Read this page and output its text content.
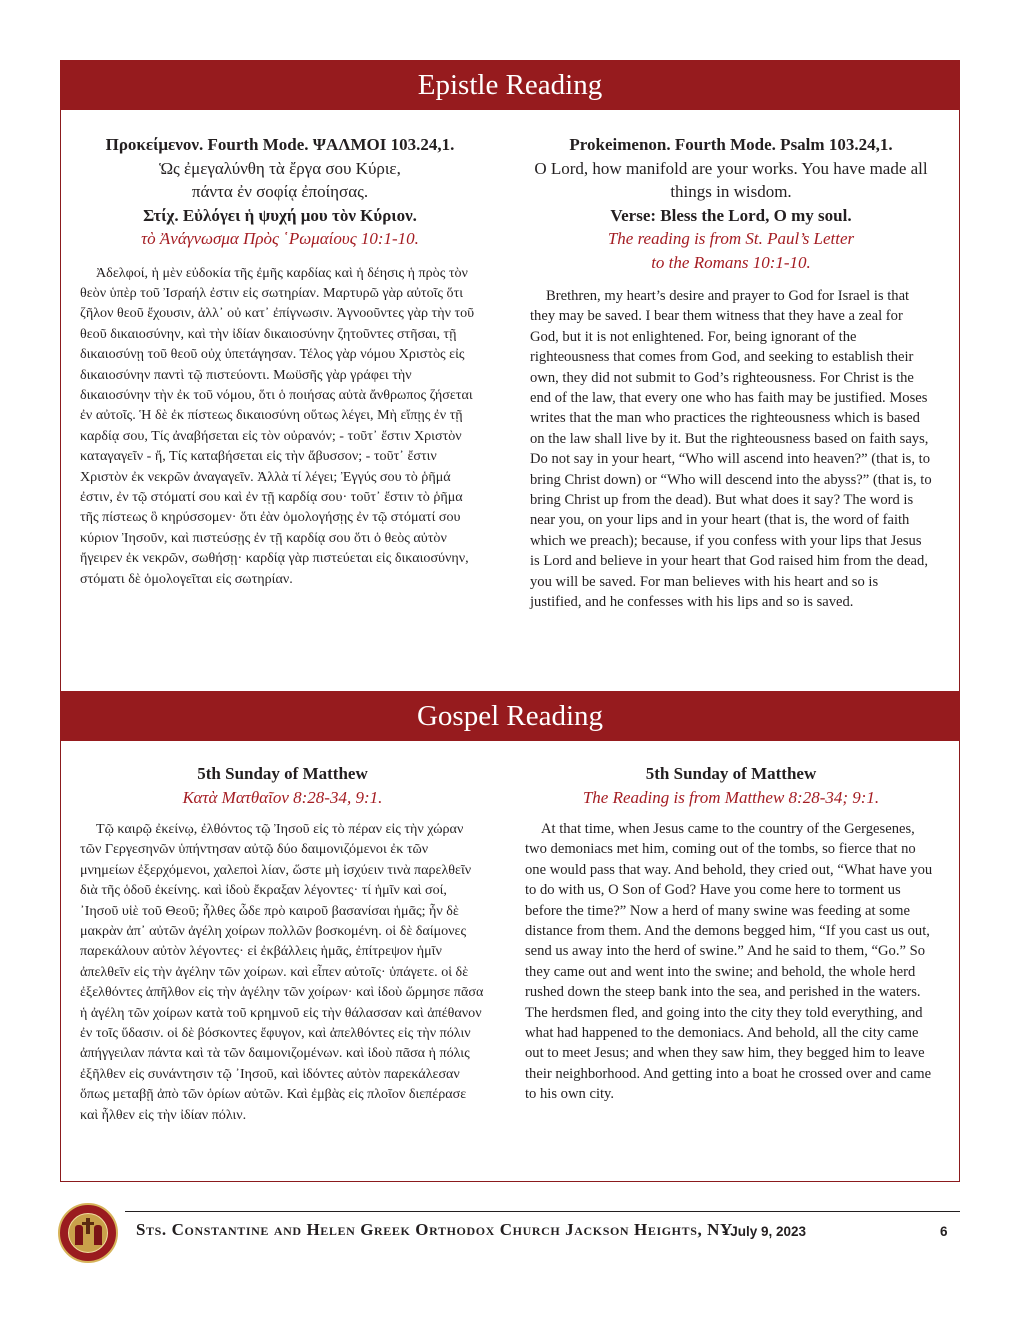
Epistle Reading
Προκείμενον. Fourth Mode. ΨΑΛΜΟΙ 103.24,1.
Ὡς ἐμεγαλύνθη τὰ ἔργα σου Κύριε,
πάντα ἐν σοφίᾳ ἐποίησας.
Στίχ. Εὐλόγει ἡ ψυχή μου τὸν Κύριον.
τὸ Ἀνάγνωσμα Πρὸς ῾Ρωμαίους 10:1-10.

Ἀδελφοί, ἡ μὲν εὐδοκία τῆς ἐμῆς καρδίας καὶ ἡ δέησις ἡ πρὸς τὸν θεὸν ὑπὲρ τοῦ Ἰσραήλ ἐστιν εἰς σωτηρίαν. Μαρτυρῶ γὰρ αὐτοῖς ὅτι ζῆλον θεοῦ ἔχουσιν, ἀλλ᾽ οὐ κατ᾽ ἐπίγνωσιν. Ἀγνοοῦντες γὰρ τὴν τοῦ θεοῦ δικαιοσύνην, καὶ τὴν ἰδίαν δικαιοσύνην ζητοῦντες στῆσαι, τῇ δικαιοσύνῃ τοῦ θεοῦ οὐχ ὑπετάγησαν. Τέλος γὰρ νόμου Χριστὸς εἰς δικαιοσύνην παντὶ τῷ πιστεύοντι. Μωϋσῆς γὰρ γράφει τὴν δικαιοσύνην τὴν ἐκ τοῦ νόμου, ὅτι ὁ ποιήσας αὐτὰ ἄνθρωπος ζήσεται ἐν αὐτοῖς. Ἡ δὲ ἐκ πίστεως δικαιοσύνη οὕτως λέγει, Μὴ εἴπῃς ἐν τῇ καρδίᾳ σου, Τίς ἀναβήσεται εἰς τὸν οὐρανόν; - τοῦτ᾽ ἔστιν Χριστὸν καταγαγεῖν - ἤ, Τίς καταβήσεται εἰς τὴν ἄβυσσον; - τοῦτ᾽ ἔστιν Χριστὸν ἐκ νεκρῶν ἀναγαγεῖν. Ἀλλὰ τί λέγει; Ἐγγύς σου τὸ ῥῆμά ἐστιν, ἐν τῷ στόματί σου καὶ ἐν τῇ καρδίᾳ σου· τοῦτ᾽ ἔστιν τὸ ῥῆμα τῆς πίστεως ὃ κηρύσσομεν· ὅτι ἐὰν ὁμολογήσῃς ἐν τῷ στόματί σου κύριον Ἰησοῦν, καὶ πιστεύσῃς ἐν τῇ καρδίᾳ σου ὅτι ὁ θεὸς αὐτὸν ἤγειρεν ἐκ νεκρῶν, σωθήσῃ· καρδίᾳ γὰρ πιστεύεται εἰς δικαιοσύνην, στόματι δὲ ὁμολογεῖται εἰς σωτηρίαν.

Prokeimenon. Fourth Mode. Psalm 103.24,1.
O Lord, how manifold are your works. You have made all things in wisdom.
Verse: Bless the Lord, O my soul.
The reading is from St. Paul’s Letter
to the Romans 10:1-10.

Brethren, my heart’s desire and prayer to God for Israel is that they may be saved. I bear them witness that they have a zeal for God, but it is not enlightened. For, being ignorant of the righteousness that comes from God, and seeking to establish their own, they did not submit to God’s righteousness. For Christ is the end of the law, that every one who has faith may be justified. Moses writes that the man who practices the righteousness which is based on the law shall live by it. But the righteousness based on faith says, Do not say in your heart, “Who will ascend into heaven?” (that is, to bring Christ down) or “Who will descend into the abyss?” (that is, to bring Christ up from the dead). But what does it say? The word is near you, on your lips and in your heart (that is, the word of faith which we preach); because, if you confess with your lips that Jesus is Lord and believe in your heart that God raised him from the dead, you will be saved. For man believes with his heart and so is justified, and he confesses with his lips and so is saved.

Gospel Reading
5th Sunday of Matthew
Κατὰ Ματθαῖον 8:28-34, 9:1.

Τῷ καιρῷ ἐκείνῳ, ἐλθόντος τῷ Ἰησοῦ εἰς τὸ πέραν εἰς τὴν χώραν τῶν Γεργεσηνῶν ὑπήντησαν αὐτῷ δύο δαιμονιζόμενοι ἐκ τῶν μνημείων ἐξερχόμενοι, χαλεποὶ λίαν, ὥστε μὴ ἰσχύειν τινὰ παρελθεῖν διὰ τῆς ὁδοῦ ἐκείνης. καὶ ἰδοὺ ἔκραξαν λέγοντες· τί ἡμῖν καὶ σοί, ᾿Ιησοῦ υἱὲ τοῦ Θεοῦ; ἦλθες ὧδε πρὸ καιροῦ βασανίσαι ἡμᾶς; ἦν δὲ μακρὰν ἀπ᾿ αὐτῶν ἀγέλη χοίρων πολλῶν βοσκομένη. οἱ δὲ δαίμονες παρεκάλουν αὐτὸν λέγοντες· εἰ ἐκβάλλεις ἡμᾶς, ἐπίτρεψον ἡμῖν ἀπελθεῖν εἰς τὴν ἀγέλην τῶν χοίρων. καὶ εἶπεν αὐτοῖς· ὑπάγετε. οἱ δὲ ἐξελθόντες ἀπῆλθον εἰς τὴν ἀγέλην τῶν χοίρων· καὶ ἰδοὺ ὥρμησε πᾶσα ἡ ἀγέλη τῶν χοίρων κατὰ τοῦ κρημνοῦ εἰς τὴν θάλασσαν καὶ ἀπέθανον ἐν τοῖς ὕδασιν. οἱ δὲ βόσκοντες ἔφυγον, καὶ ἀπελθόντες εἰς τὴν πόλιν ἀπήγγειλαν πάντα καὶ τὰ τῶν δαιμονιζομένων. καὶ ἰδοὺ πᾶσα ἡ πόλις ἐξῆλθεν εἰς συνάντησιν τῷ ᾿Ιησοῦ, καὶ ἰδόντες αὐτὸν παρεκάλεσαν ὅπως μεταβῇ ἀπὸ τῶν ὁρίων αὐτῶν. Καὶ ἐμβὰς εἰς πλοῖον διεπέρασε καὶ ἦλθεν εἰς τὴν ἰδίαν πόλιν.

5th Sunday of Matthew
The Reading is from Matthew 8:28-34; 9:1.

At that time, when Jesus came to the country of the Gergesenes, two demoniacs met him, coming out of the tombs, so fierce that no one would pass that way. And behold, they cried out, “What have you to do with us, O Son of God? Have you come here to torment us before the time?” Now a herd of many swine was feeding at some distance from them. And the demons begged him, “If you cast us out, send us away into the herd of swine.” And he said to them, “Go.” So they came out and went into the swine; and behold, the whole herd rushed down the steep bank into the sea, and perished in the waters. The herdsmen fled, and going into the city they told everything, and what had happened to the demoniacs. And behold, all the city came out to meet Jesus; and when they saw him, they begged him to leave their neighborhood. And getting into a boat he crossed over and came to his own city.

Sts. Constantine and Helen Greek Orthodox Church Jackson Heights, NY
- July 9, 2023	6
